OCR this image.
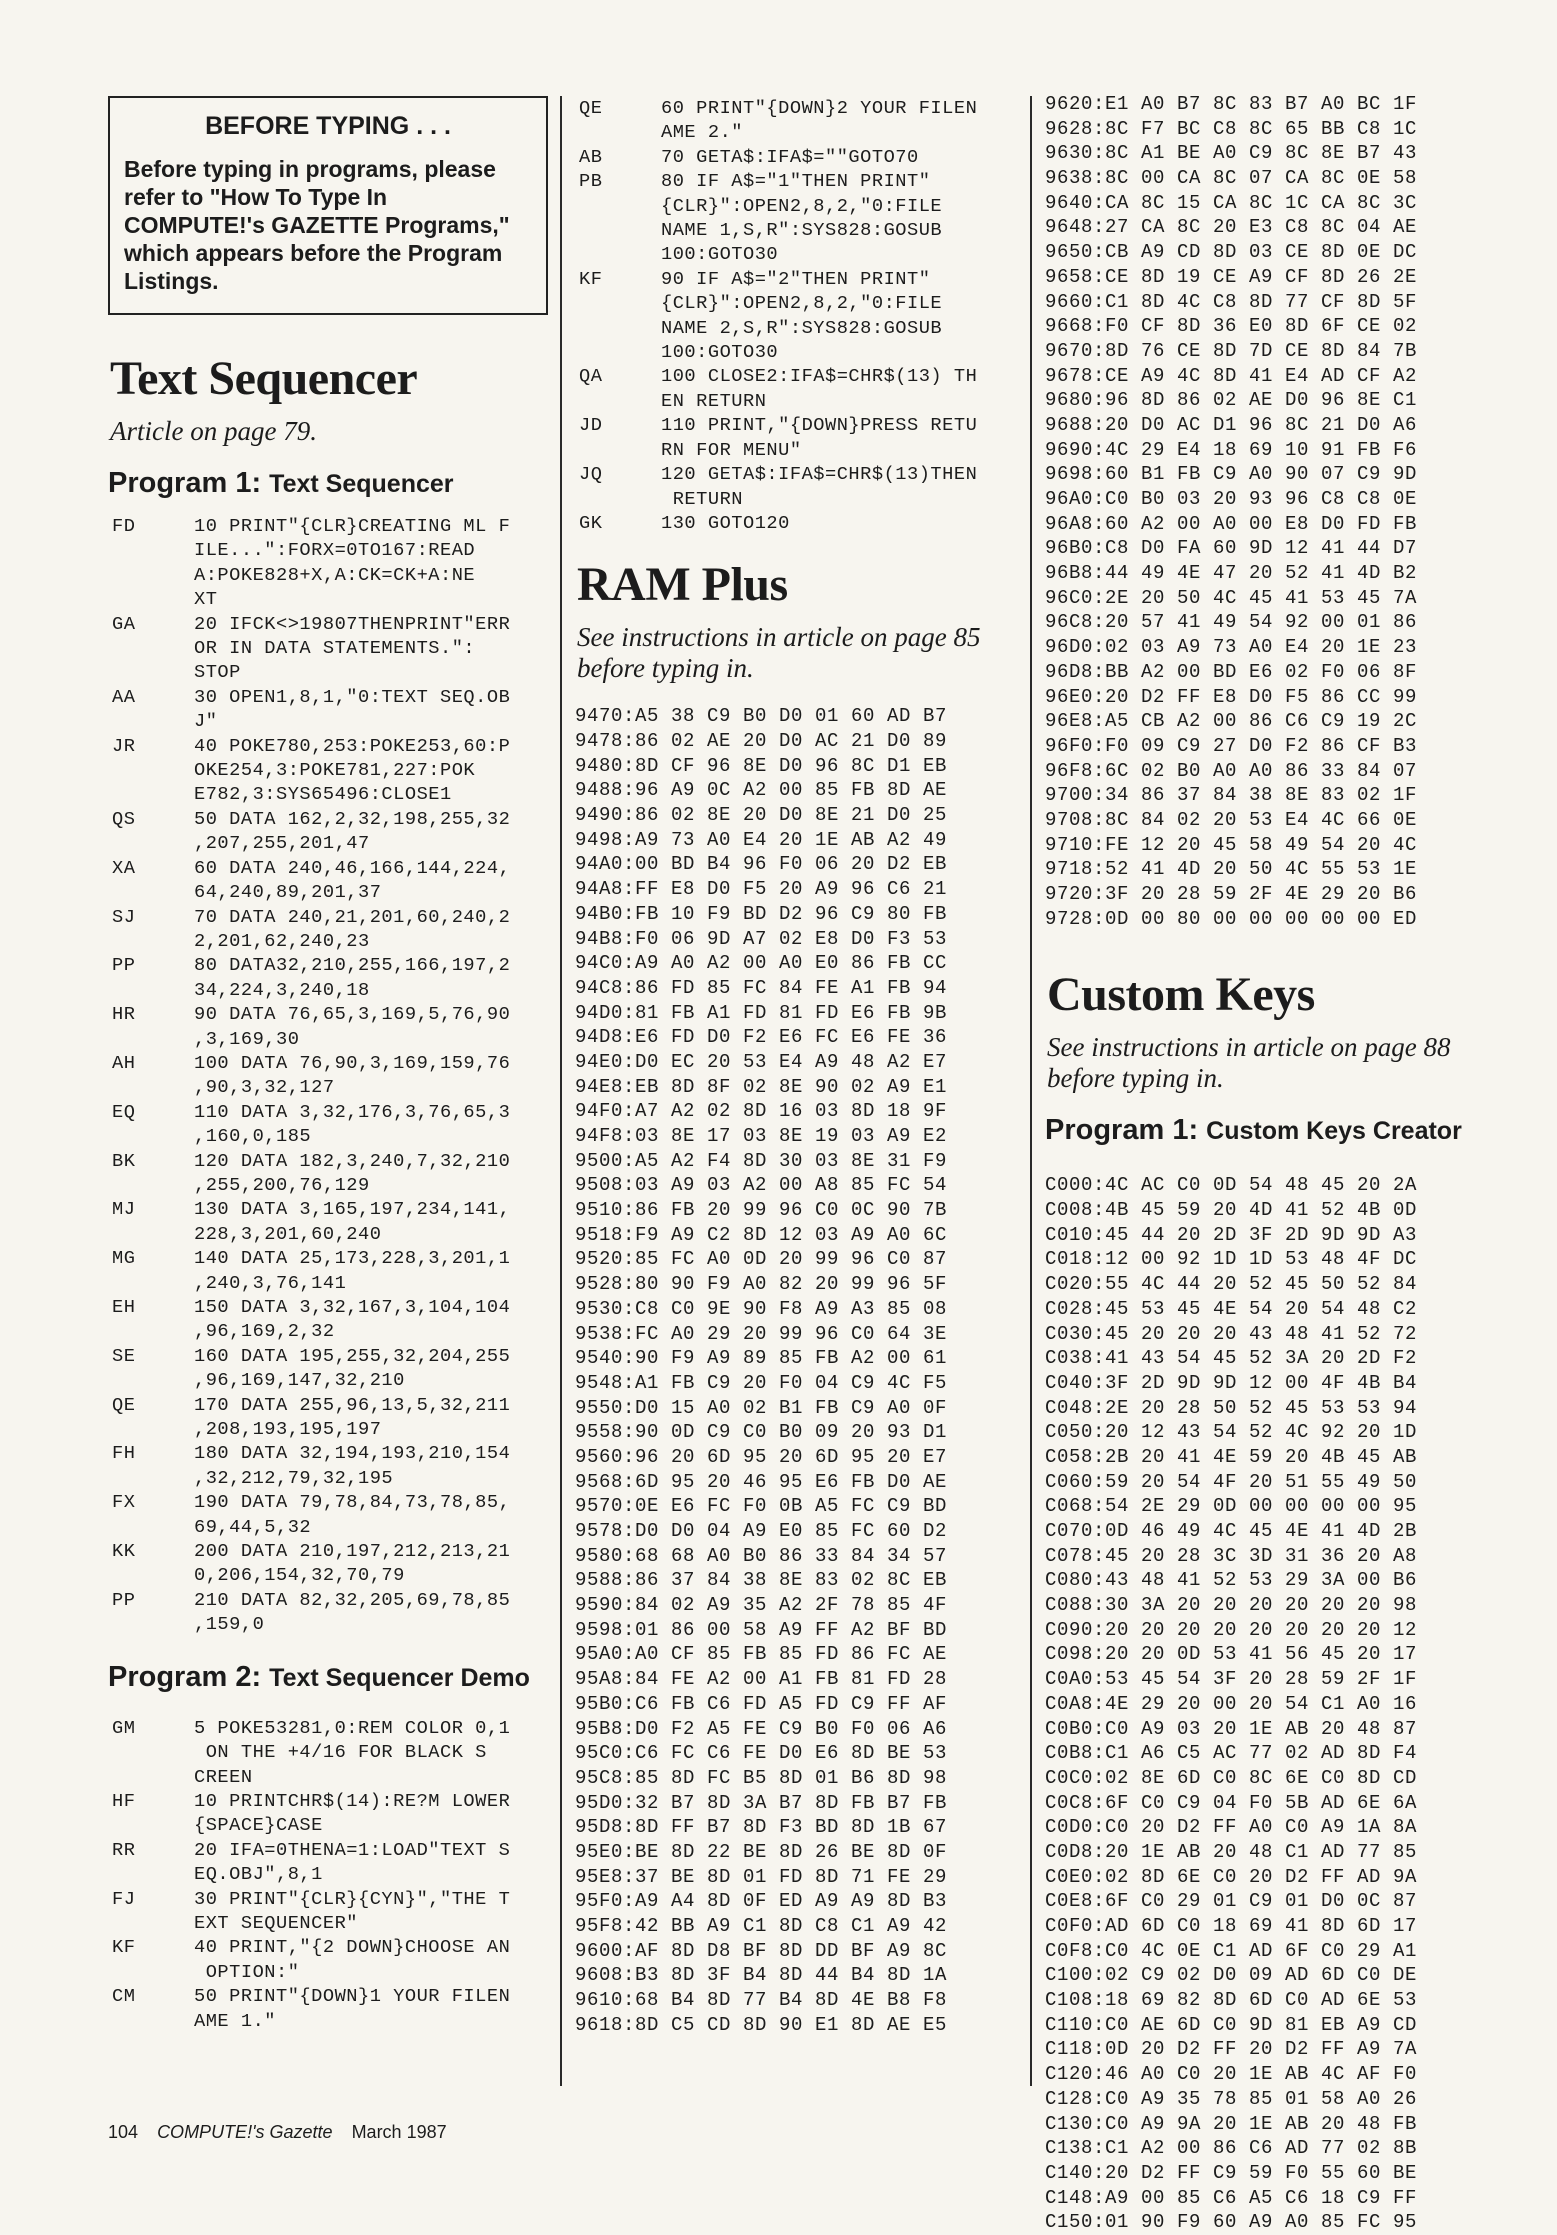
BEFORE TYPING . . .

Before typing in programs, please refer to "How To Type In COMPUTE!'s GAZETTE Programs," which appears before the Program Listings.

Text Sequencer

Article on page 79.

Program 1: Text Sequencer
FD	10 PRINT"{CLR}CREATING ML F
ILE...":FORX=0TO167:READ
A:POKE828+X,A:CK=CK+A:NE
XT
GA	20 IFCK<>19807THENPRINT"ERR
OR IN DATA STATEMENTS.":
STOP
AA	30 OPEN1,8,1,"0:TEXT SEQ.OB
J"
JR	40 POKE780,253:POKE253,60:P
OKE254,3:POKE781,227:POK
E782,3:SYS65496:CLOSE1
QS	50 DATA 162,2,32,198,255,32
,207,255,201,47
XA	60 DATA 240,46,166,144,224,
64,240,89,201,37
SJ	70 DATA 240,21,201,60,240,2
2,201,62,240,23
PP	80 DATA32,210,255,166,197,2
34,224,3,240,18
HR	90 DATA 76,65,3,169,5,76,90
,3,169,30
AH	100 DATA 76,90,3,169,159,76
,90,3,32,127
EQ	110 DATA 3,32,176,3,76,65,3
,160,0,185
BK	120 DATA 182,3,240,7,32,210
,255,200,76,129
MJ	130 DATA 3,165,197,234,141,
228,3,201,60,240
MG	140 DATA 25,173,228,3,201,1
,240,3,76,141
EH	150 DATA 3,32,167,3,104,104
,96,169,2,32
SE	160 DATA 195,255,32,204,255
,96,169,147,32,210
QE	170 DATA 255,96,13,5,32,211
,208,193,195,197
FH	180 DATA 32,194,193,210,154
,32,212,79,32,195
FX	190 DATA 79,78,84,73,78,85,
69,44,5,32
KK	200 DATA 210,197,212,213,21
0,206,154,32,70,79
PP	210 DATA 82,32,205,69,78,85
,159,0
Program 2: Text Sequencer Demo
GM	5 POKE53281,0:REM COLOR 0,1
ON THE +4/16 FOR BLACK S
CREEN
HF	10 PRINTCHR$(14):RE?M LOWER
{SPACE}CASE
RR	20 IFA=0THENA=1:LOAD"TEXT S
EQ.OBJ",8,1
FJ	30 PRINT"{CLR}{CYN}","THE T
EXT SEQUENCER"
KF	40 PRINT,"{2 DOWN}CHOOSE AN
OPTION:"
CM	50 PRINT"{DOWN}1 YOUR FILEN
AME 1."
QE	60 PRINT"{DOWN}2 YOUR FILEN
AME 2."
AB	70 GETA$:IFA$=""GOTO70
PB	80 IF A$="1"THEN PRINT"
{CLR}":OPEN2,8,2,"0:FILE
NAME 1,S,R":SYS828:GOSUB
100:GOTO30
KF	90 IF A$="2"THEN PRINT"
{CLR}":OPEN2,8,2,"0:FILE
NAME 2,S,R":SYS828:GOSUB
100:GOTO30
QA	100 CLOSE2:IFA$=CHR$(13) TH
EN RETURN
JD	110 PRINT,"{DOWN}PRESS RETU
RN FOR MENU"
JQ	120 GETA$:IFA$=CHR$(13)THEN
RETURN
GK	130 GOTO120
RAM Plus

See instructions in article on page 85 before typing in.

9470:A5 38 C9 B0 D0 01 60 AD B7
9478:86 02 AE 20 D0 AC 21 D0 89
9480:8D CF 96 8E D0 96 8C D1 EB
9488:96 A9 0C A2 00 85 FB 8D AE
9490:86 02 8E 20 D0 8E 21 D0 25
9498:A9 73 A0 E4 20 1E AB A2 49
94A0:00 BD B4 96 F0 06 20 D2 EB
94A8:FF E8 D0 F5 20 A9 96 C6 21
94B0:FB 10 F9 BD D2 96 C9 80 FB
94B8:F0 06 9D A7 02 E8 D0 F3 53
94C0:A9 A0 A2 00 A0 E0 86 FB CC
94C8:86 FD 85 FC 84 FE A1 FB 94
94D0:81 FB A1 FD 81 FD E6 FB 9B
94D8:E6 FD D0 F2 E6 FC E6 FE 36
94E0:D0 EC 20 53 E4 A9 48 A2 E7
94E8:EB 8D 8F 02 8E 90 02 A9 E1
94F0:A7 A2 02 8D 16 03 8D 18 9F
94F8:03 8E 17 03 8E 19 03 A9 E2
9500:A5 A2 F4 8D 30 03 8E 31 F9
9508:03 A9 03 A2 00 A8 85 FC 54
9510:86 FB 20 99 96 C0 0C 90 7B
9518:F9 A9 C2 8D 12 03 A9 A0 6C
9520:85 FC A0 0D 20 99 96 C0 87
9528:80 90 F9 A0 82 20 99 96 5F
9530:C8 C0 9E 90 F8 A9 A3 85 08
9538:FC A0 29 20 99 96 C0 64 3E
9540:90 F9 A9 89 85 FB A2 00 61
9548:A1 FB C9 20 F0 04 C9 4C F5
9550:D0 15 A0 02 B1 FB C9 A0 0F
9558:90 0D C9 C0 B0 09 20 93 D1
9560:96 20 6D 95 20 6D 95 20 E7
9568:6D 95 20 46 95 E6 FB D0 AE
9570:0E E6 FC F0 0B A5 FC C9 BD
9578:D0 D0 04 A9 E0 85 FC 60 D2
9580:68 68 A0 B0 86 33 84 34 57
9588:86 37 84 38 8E 83 02 8C EB
9590:84 02 A9 35 A2 2F 78 85 4F
9598:01 86 00 58 A9 FF A2 BF BD
95A0:A0 CF 85 FB 85 FD 86 FC AE
95A8:84 FE A2 00 A1 FB 81 FD 28
95B0:C6 FB C6 FD A5 FD C9 FF AF
95B8:D0 F2 A5 FE C9 B0 F0 06 A6
95C0:C6 FC C6 FE D0 E6 8D BE 53
95C8:85 8D FC B5 8D 01 B6 8D 98
95D0:32 B7 8D 3A B7 8D FB B7 FB
95D8:8D FF B7 8D F3 BD 8D 1B 67
95E0:BE 8D 22 BE 8D 26 BE 8D 0F
95E8:37 BE 8D 01 FD 8D 71 FE 29
95F0:A9 A4 8D 0F ED A9 A9 8D B3
95F8:42 BB A9 C1 8D C8 C1 A9 42
9600:AF 8D D8 BF 8D DD BF A9 8C
9608:B3 8D 3F B4 8D 44 B4 8D 1A
9610:68 B4 8D 77 B4 8D 4E B8 F8
9618:8D C5 CD 8D 90 E1 8D AE E5
9620:E1 A0 B7 8C 83 B7 A0 BC 1F
9628:8C F7 BC C8 8C 65 BB C8 1C
9630:8C A1 BE A0 C9 8C 8E B7 43
9638:8C 00 CA 8C 07 CA 8C 0E 58
9640:CA 8C 15 CA 8C 1C CA 8C 3C
9648:27 CA 8C 20 E3 C8 8C 04 AE
9650:CB A9 CD 8D 03 CE 8D 0E DC
9658:CE 8D 19 CE A9 CF 8D 26 2E
9660:C1 8D 4C C8 8D 77 CF 8D 5F
9668:F0 CF 8D 36 E0 8D 6F CE 02
9670:8D 76 CE 8D 7D CE 8D 84 7B
9678:CE A9 4C 8D 41 E4 AD CF A2
9680:96 8D 86 02 AE D0 96 8E C1
9688:20 D0 AC D1 96 8C 21 D0 A6
9690:4C 29 E4 18 69 10 91 FB F6
9698:60 B1 FB C9 A0 90 07 C9 9D
96A0:C0 B0 03 20 93 96 C8 C8 0E
96A8:60 A2 00 A0 00 E8 D0 FD FB
96B0:C8 D0 FA 60 9D 12 41 44 D7
96B8:44 49 4E 47 20 52 41 4D B2
96C0:2E 20 50 4C 45 41 53 45 7A
96C8:20 57 41 49 54 92 00 01 86
96D0:02 03 A9 73 A0 E4 20 1E 23
96D8:BB A2 00 BD E6 02 F0 06 8F
96E0:20 D2 FF E8 D0 F5 86 CC 99
96E8:A5 CB A2 00 86 C6 C9 19 2C
96F0:F0 09 C9 27 D0 F2 86 CF B3
96F8:6C 02 B0 A0 A0 86 33 84 07
9700:34 86 37 84 38 8E 83 02 1F
9708:8C 84 02 20 53 E4 4C 66 0E
9710:FE 12 20 45 58 49 54 20 4C
9718:52 41 4D 20 50 4C 55 53 1E
9720:3F 20 28 59 2F 4E 29 20 B6
9728:0D 00 80 00 00 00 00 00 ED
Custom Keys

See instructions in article on page 88 before typing in.

Program 1: Custom Keys Creator
C000:4C AC C0 0D 54 48 45 20 2A
C008:4B 45 59 20 4D 41 52 4B 0D
C010:45 44 20 2D 3F 2D 9D 9D A3
C018:12 00 92 1D 1D 53 48 4F DC
C020:55 4C 44 20 52 45 50 52 84
C028:45 53 45 4E 54 20 54 48 C2
C030:45 20 20 20 43 48 41 52 72
C038:41 43 54 45 52 3A 20 2D F2
C040:3F 2D 9D 9D 12 00 4F 4B B4
C048:2E 20 28 50 52 45 53 53 94
C050:20 12 43 54 52 4C 92 20 1D
C058:2B 20 41 4E 59 20 4B 45 AB
C060:59 20 54 4F 20 51 55 49 50
C068:54 2E 29 0D 00 00 00 00 95
C070:0D 46 49 4C 45 4E 41 4D 2B
C078:45 20 28 3C 3D 31 36 20 A8
C080:43 48 41 52 53 29 3A 00 B6
C088:30 3A 20 20 20 20 20 20 98
C090:20 20 20 20 20 20 20 20 12
C098:20 20 0D 53 41 56 45 20 17
C0A0:53 45 54 3F 20 28 59 2F 1F
C0A8:4E 29 20 00 20 54 C1 A0 16
C0B0:C0 A9 03 20 1E AB 20 48 87
C0B8:C1 A6 C5 AC 77 02 AD 8D F4
C0C0:02 8E 6D C0 8C 6E C0 8D CD
C0C8:6F C0 C9 04 F0 5B AD 6E 6A
C0D0:C0 20 D2 FF A0 C0 A9 1A 8A
C0D8:20 1E AB 20 48 C1 AD 77 85
C0E0:02 8D 6E C0 20 D2 FF AD 9A
C0E8:6F C0 29 01 C9 01 D0 0C 87
C0F0:AD 6D C0 18 69 41 8D 6D 17
C0F8:C0 4C 0E C1 AD 6F C0 29 A1
C100:02 C9 02 D0 09 AD 6D C0 DE
C108:18 69 82 8D 6D C0 AD 6E 53
C110:C0 AE 6D C0 9D 81 EB A9 CD
C118:0D 20 D2 FF 20 D2 FF A9 7A
C120:46 A0 C0 20 1E AB 4C AF F0
C128:C0 A9 35 78 85 01 58 A0 26
C130:C0 A9 9A 20 1E AB 20 48 FB
C138:C1 A2 00 86 C6 AD 77 02 8B
C140:20 D2 FF C9 59 F0 55 60 BE
C148:A9 00 85 C6 A5 C6 18 C9 FF
C150:01 90 F9 60 A9 A0 85 FC 95
104 COMPUTE!'s Gazette March 1987
